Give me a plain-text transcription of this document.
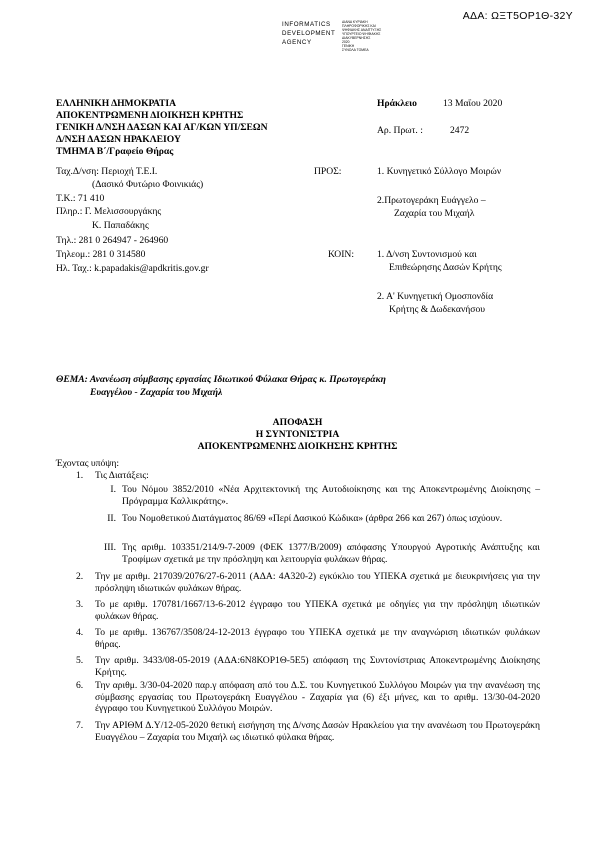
ΑΔΑ: ΩΞΤ5ΟΡ1Θ-32Υ
INFORMATICS
DEVELOPMENT
AGENCY
ΔΙΑΝΑ ΚΥΡΙΑΚΗ
ΠΛΗΡΟΦΟΡΙΚΗΣ ΚΑΙ
ΨΗΦΙΑΚΗΣ ΑΝΑΠΤΥΞΗΣ
ΥΠΟΥΡΓΕΙΟ ΨΗΦΙΑΚΗΣ
ΔΙΑΚΥΒΕΡΝΗΣΗΣ
2020
ΓΕΝΙΚΗ
ΣΥΝΟΛΑ ΤΟΜΕΑ
ΕΛΛΗΝΙΚΗ ΔΗΜΟΚΡΑΤΙΑ
ΑΠΟΚΕΝΤΡΩΜΕΝΗ ΔΙΟΙΚΗΣΗ ΚΡΗΤΗΣ
ΓΕΝΙΚΗ Δ/ΝΣΗ ΔΑΣΩΝ ΚΑΙ ΑΓ/ΚΩΝ ΥΠ/ΣΕΩΝ
Δ/ΝΣΗ ΔΑΣΩΝ ΗΡΑΚΛΕΙΟΥ
ΤΜΗΜΑ Β΄/Γραφείο Θήρας
Ηράκλειο	13 Μαΐου 2020
Αρ. Πρωτ. :	2472
Ταχ.Δ/νση: Περιοχή Τ.Ε.Ι.
(Δασικό Φυτώριο Φοινικιάς)
Τ.Κ.: 71 410
Πληρ.: Γ. Μελισσουργάκης
Κ. Παπαδάκης
Τηλ.: 281 0 264947 - 264960
Τηλεομ.: 281 0 314580
Ηλ. Ταχ.: k.papadakis@apdkritis.gov.gr
ΠΡΟΣ:	1. Κυνηγετικό Σύλλογο Μοιρών
2.Πρωτογεράκη Ευάγγελο –
Ζαχαρία του Μιχαήλ
ΚΟΙΝ: 1. Δ/νση Συντονισμού και
Επιθεώρησης Δασών Κρήτης
2. Α' Κυνηγετική Ομοσπονδία
Κρήτης & Δωδεκανήσου
ΘΕΜΑ: Ανανέωση σύμβασης εργασίας Ιδιωτικού Φύλακα Θήρας κ. Πρωτογεράκη
Ευαγγέλου - Ζαχαρία του Μιχαήλ
ΑΠΟΦΑΣΗ
Η ΣΥΝΤΟΝΙΣΤΡΙΑ
ΑΠΟΚΕΝΤΡΩΜΕΝΗΣ ΔΙΟΙΚΗΣΗΣ ΚΡΗΤΗΣ
Έχοντας υπόψη:
1. Τις Διατάξεις:
I. Του Νόμου 3852/2010 «Νέα Αρχιτεκτονική της Αυτοδιοίκησης και της Αποκεντρωμένης Διοίκησης – Πρόγραμμα Καλλικράτης».
II. Του Νομοθετικού Διατάγματος 86/69 «Περί Δασικού Κώδικα» (άρθρα 266 και 267) όπως ισχύουν.
III. Της αριθμ. 103351/214/9-7-2009 (ΦΕΚ 1377/Β/2009) απόφασης Υπουργού Αγροτικής Ανάπτυξης και Τροφίμων σχετικά με την πρόσληψη και λειτουργία φυλάκων θήρας.
2. Την με αριθμ. 217039/2076/27-6-2011 (ΑΔΑ: 4Α320-2) εγκύκλιο του ΥΠΕΚΑ σχετικά με διευκρινήσεις για την πρόσληψη ιδιωτικών φυλάκων θήρας.
3. Το με αριθμ. 170781/1667/13-6-2012 έγγραφο του ΥΠΕΚΑ σχετικά με οδηγίες για την πρόσληψη ιδιωτικών φυλάκων θήρας.
4. Το με αριθμ. 136767/3508/24-12-2013 έγγραφο του ΥΠΕΚΑ σχετικά με την αναγνώριση ιδιωτικών φυλάκων θήρας.
5. Την αριθμ. 3433/08-05-2019 (ΑΔΑ:6Ν8ΚΟΡ1Θ-5Ε5) απόφαση της Συντονίστριας Αποκεντρωμένης Διοίκησης Κρήτης.
6. Την αριθμ. 3/30-04-2020 παρ.γ απόφαση από του Δ.Σ. του Κυνηγετικού Συλλόγου Μοιρών για την ανανέωση της σύμβασης εργασίας του Πρωτογεράκη Ευαγγέλου - Ζαχαρία για (6) έξι μήνες, και το αριθμ. 13/30-04-2020 έγγραφο του Κυνηγετικού Συλλόγου Μοιρών.
7. Την ΑΡΙΘΜ Δ.Υ/12-05-2020 θετική εισήγηση της Δ/νσης Δασών Ηρακλείου για την ανανέωση του Πρωτογεράκη Ευαγγέλου – Ζαχαρία του Μιχαήλ ως ιδιωτικό φύλακα θήρας.
